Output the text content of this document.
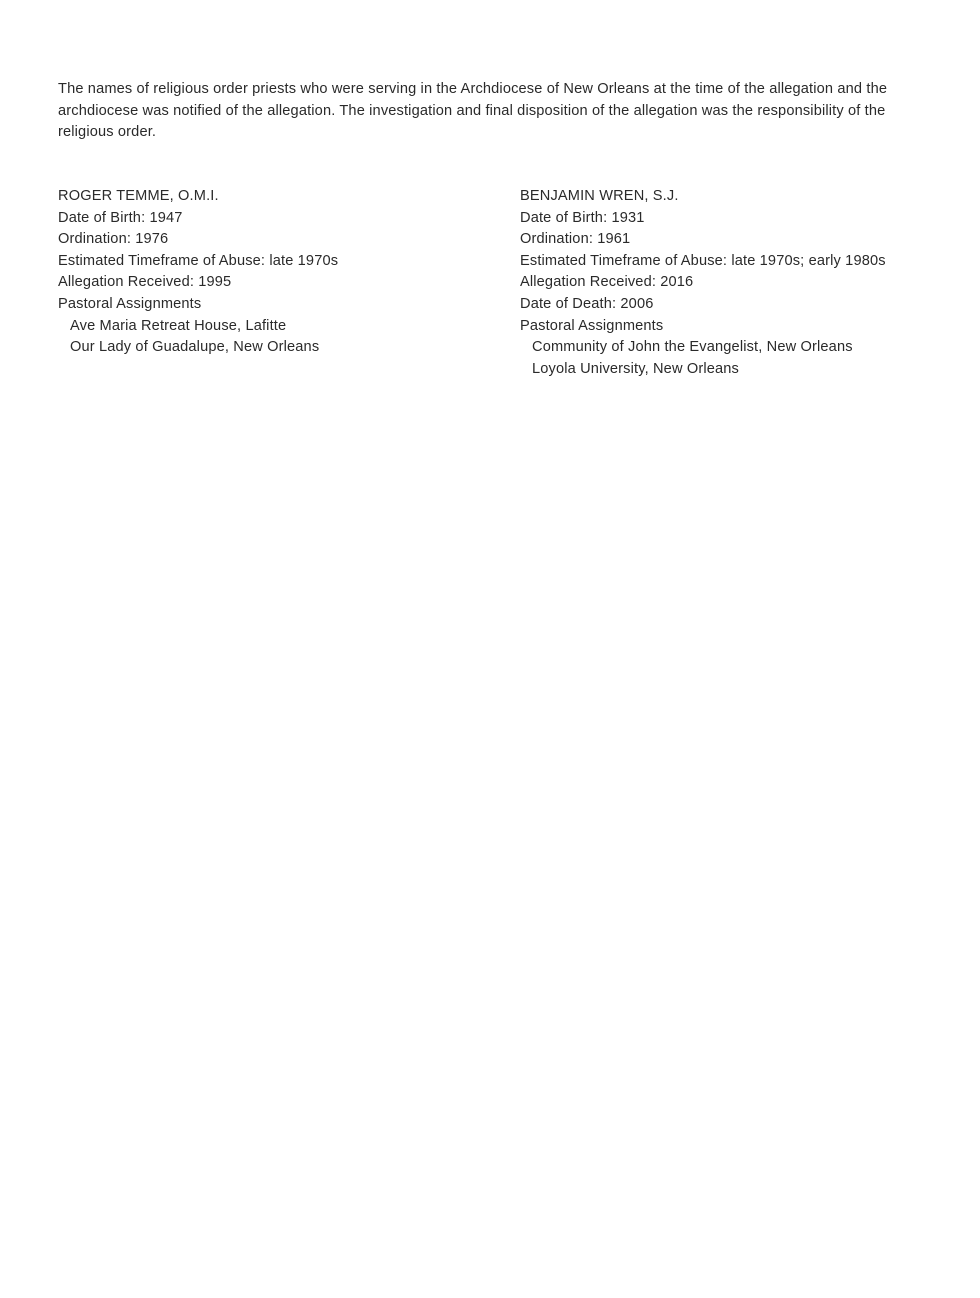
The names of religious order priests who were serving in the Archdiocese of New Orleans at the time of the allegation and the archdiocese was notified of the allegation. The investigation and final disposition of the allegation was the responsibility of the religious order.

ROGER TEMME, O.M.I.
Date of Birth: 1947
Ordination: 1976
Estimated Timeframe of Abuse: late 1970s
Allegation Received: 1995
Pastoral Assignments
Ave Maria Retreat House, Lafitte
Our Lady of Guadalupe, New Orleans
BENJAMIN WREN, S.J.
Date of Birth: 1931
Ordination: 1961
Estimated Timeframe of Abuse: late 1970s; early 1980s
Allegation Received: 2016
Date of Death: 2006
Pastoral Assignments
Community of John the Evangelist, New Orleans
Loyola University, New Orleans
